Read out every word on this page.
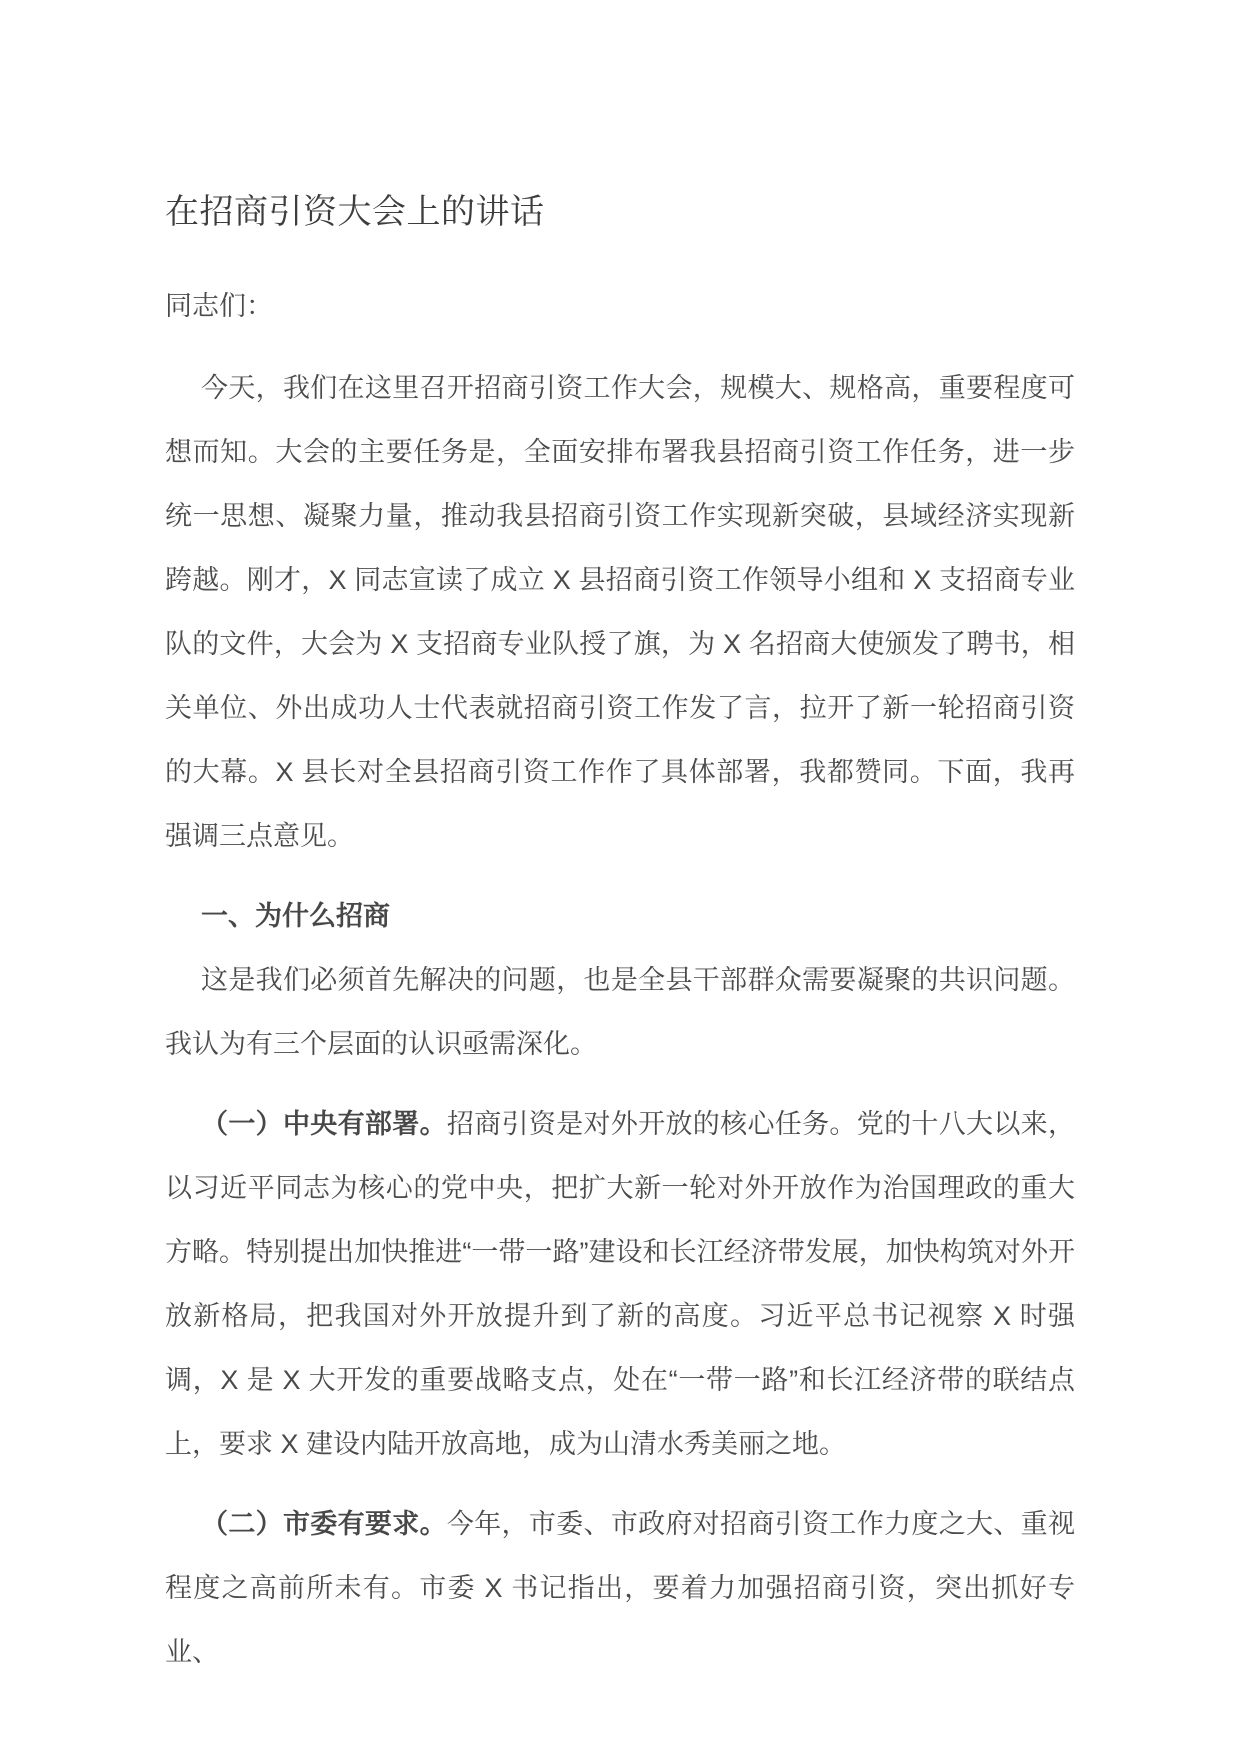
在招商引资大会上的讲话
同志们：

今天，我们在这里召开招商引资工作大会，规模大、规格高，重要程度可想而知。大会的主要任务是，全面安排布署我县招商引资工作任务，进一步统一思想、凝聚力量，推动我县招商引资工作实现新突破，县域经济实现新跨越。刚才，X 同志宣读了成立 X 县招商引资工作领导小组和 X 支招商专业队的文件，大会为 X 支招商专业队授了旗，为 X 名招商大使颁发了聘书，相关单位、外出成功人士代表就招商引资工作发了言，拉开了新一轮招商引资的大幕。X 县长对全县招商引资工作作了具体部署，我都赞同。下面，我再强调三点意见。

一、为什么招商

这是我们必须首先解决的问题，也是全县干部群众需要凝聚的共识问题。我认为有三个层面的认识亟需深化。

（一）中央有部署。招商引资是对外开放的核心任务。党的十八大以来，以习近平同志为核心的党中央，把扩大新一轮对外开放作为治国理政的重大方略。特别提出加快推进“一带一路”建设和长江经济带发展，加快构筑对外开放新格局，把我国对外开放提升到了新的高度。习近平总书记视察 X 时强调，X 是 X 大开发的重要战略支点，处在“一带一路”和长江经济带的联结点上，要求 X 建设内陆开放高地，成为山清水秀美丽之地。

（二）市委有要求。今年，市委、市政府对招商引资工作力度之大、重视程度之高前所未有。市委 X 书记指出，要着力加强招商引资，突出抓好专业、
